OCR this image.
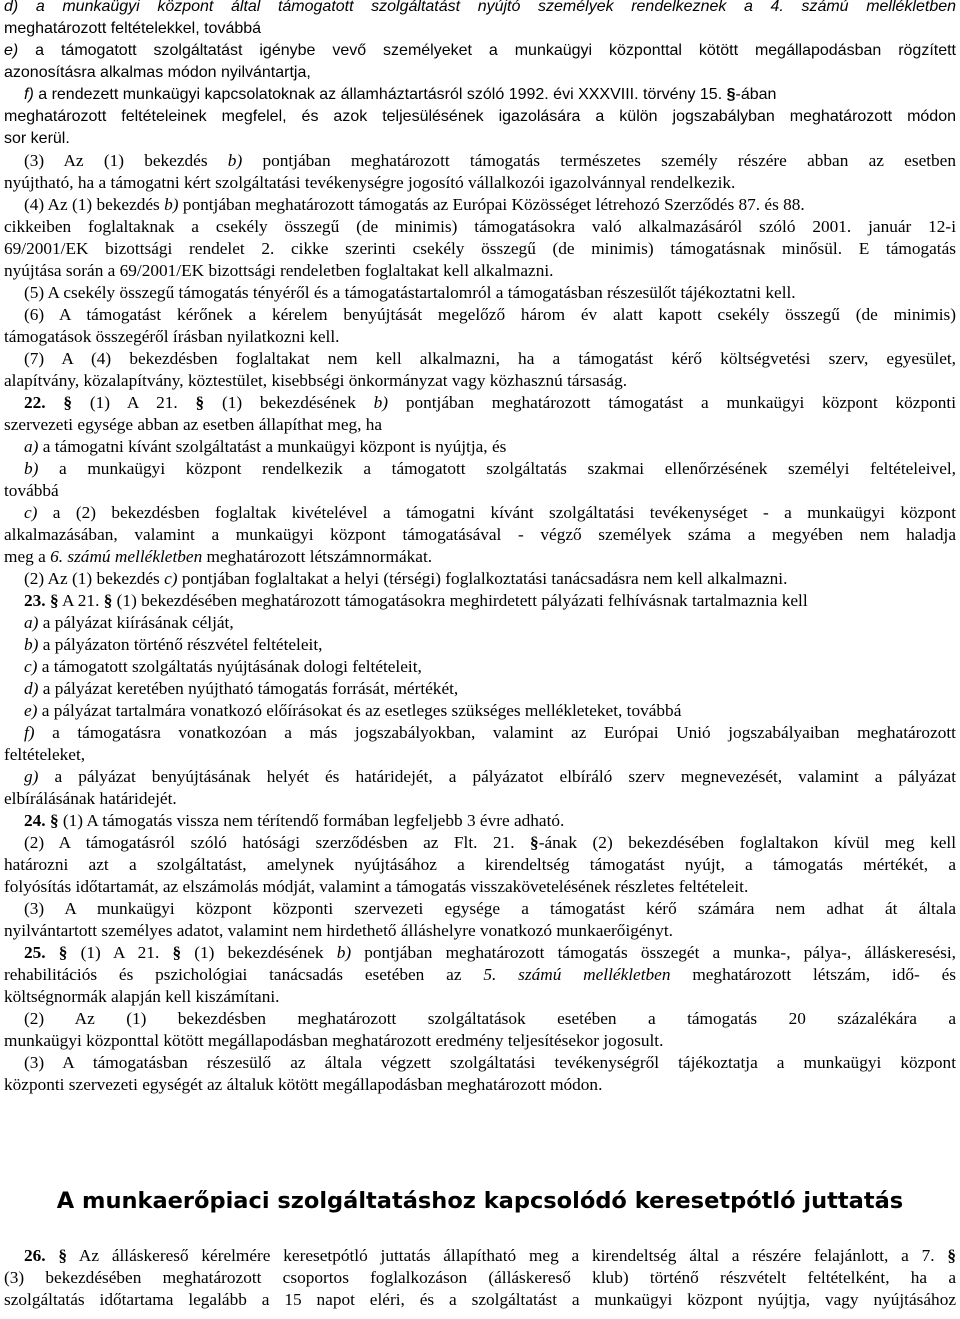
d) a munkaügyi központ által támogatott szolgáltatást nyújtó személyek rendelkeznek a 4. számú mellékletben
meghatározott feltételekkel, továbbá
e) a támogatott szolgáltatást igénybe vevő személyeket a munkaügyi központtal kötött megállapodásban rögzített
azonosításra alkalmas módon nyilvántartja,
f) a rendezett munkaügyi kapcsolatoknak az államháztartásról szóló 1992. évi XXXVIII. törvény 15. §-ában
meghatározott feltételeinek megfelel, és azok teljesülésének igazolására a külön jogszabályban meghatározott módon
sor kerül.
(3) Az (1) bekezdés b) pontjában meghatározott támogatás természetes személy részére abban az esetben
nyújtható, ha a támogatni kért szolgáltatási tevékenységre jogosító vállalkozói igazolvánnyal rendelkezik.
(4) Az (1) bekezdés b) pontjában meghatározott támogatás az Európai Közösséget létrehozó Szerződés 87. és 88.
cikkeiben foglaltaknak a csekély összegű (de minimis) támogatásokra való alkalmazásáról szóló 2001. január 12-i
69/2001/EK bizottsági rendelet 2. cikke szerinti csekély összegű (de minimis) támogatásnak minősül. E támogatás
nyújtása során a 69/2001/EK bizottsági rendeletben foglaltakat kell alkalmazni.
(5) A csekély összegű támogatás tényéről és a támogatástartalomról a támogatásban részesülőt tájékoztatni kell.
(6) A támogatást kérőnek a kérelem benyújtását megelőző három év alatt kapott csekély összegű (de minimis)
támogatások összegéről írásban nyilatkozni kell.
(7) A (4) bekezdésben foglaltakat nem kell alkalmazni, ha a támogatást kérő költségvetési szerv, egyesület,
alapítvány, közalapítvány, köztestület, kisebbségi önkormányzat vagy közhasznú társaság.
22. § (1) A 21. § (1) bekezdésének b) pontjában meghatározott támogatást a munkaügyi központ központi
szervezeti egysége abban az esetben állapíthat meg, ha
a) a támogatni kívánt szolgáltatást a munkaügyi központ is nyújtja, és
b) a munkaügyi központ rendelkezik a támogatott szolgáltatás szakmai ellenőrzésének személyi feltételeivel,
továbbá
c) a (2) bekezdésben foglaltak kivételével a támogatni kívánt szolgáltatási tevékenységet - a munkaügyi központ
alkalmazásában, valamint a munkaügyi központ támogatásával - végző személyek száma a megyében nem haladja
meg a 6. számú mellékletben meghatározott létszámnormákat.
(2) Az (1) bekezdés c) pontjában foglaltakat a helyi (térségi) foglalkoztatási tanácsadásra nem kell alkalmazni.
23. § A 21. § (1) bekezdésében meghatározott támogatásokra meghirdetett pályázati felhívásnak tartalmaznia kell
a) a pályázat kiírásának célját,
b) a pályázaton történő részvétel feltételeit,
c) a támogatott szolgáltatás nyújtásának dologi feltételeit,
d) a pályázat keretében nyújtható támogatás forrását, mértékét,
e) a pályázat tartalmára vonatkozó előírásokat és az esetleges szükséges mellékleteket, továbbá
f) a támogatásra vonatkozóan a más jogszabályokban, valamint az Európai Unió jogszabályaiban meghatározott
feltételeket,
g) a pályázat benyújtásának helyét és határidejét, a pályázatot elbíráló szerv megnevezését, valamint a pályázat
elbírálásának határidejét.
24. § (1) A támogatás vissza nem térítendő formában legfeljebb 3 évre adható.
(2) A támogatásról szóló hatósági szerződésben az Flt. 21. §-ának (2) bekezdésében foglaltakon kívül meg kell
határozni azt a szolgáltatást, amelynek nyújtásához a kirendeltség támogatást nyújt, a támogatás mértékét, a
folyósítás időtartamát, az elszámolás módját, valamint a támogatás visszakövetelésének részletes feltételeit.
(3) A munkaügyi központ központi szervezeti egysége a támogatást kérő számára nem adhat át általa
nyilvántartott személyes adatot, valamint nem hirdethető álláshelyre vonatkozó munkaerőigényt.
25. § (1) A 21. § (1) bekezdésének b) pontjában meghatározott támogatás összegét a munka-, pálya-, álláskeresési,
rehabilitációs és pszichológiai tanácsadás esetében az 5. számú mellékletben meghatározott létszám, idő- és
költségnormák alapján kell kiszámítani.
(2) Az (1) bekezdésben meghatározott szolgáltatások esetében a támogatás 20 százalékára a
munkaügyi központtal kötött megállapodásban meghatározott eredmény teljesítésekor jogosult.
(3) A támogatásban részesülő az általa végzett szolgáltatási tevékenységről tájékoztatja a munkaügyi központ
központi szervezeti egységét az általuk kötött megállapodásban meghatározott módon.
A munkaerőpiaci szolgáltatáshoz kapcsolódó keresetpótló juttatás
26. § Az álláskereső kérelmére keresetpótló juttatás állapítható meg a kirendeltség által a részére felajánlott, a 7. §
(3) bekezdésében meghatározott csoportos foglalkozáson (álláskereső klub) történő részvételt feltételként, ha a
szolgáltatás időtartama legalább a 15 napot eléri, és a szolgáltatást a munkaügyi központ nyújtja, vagy nyújtásához
